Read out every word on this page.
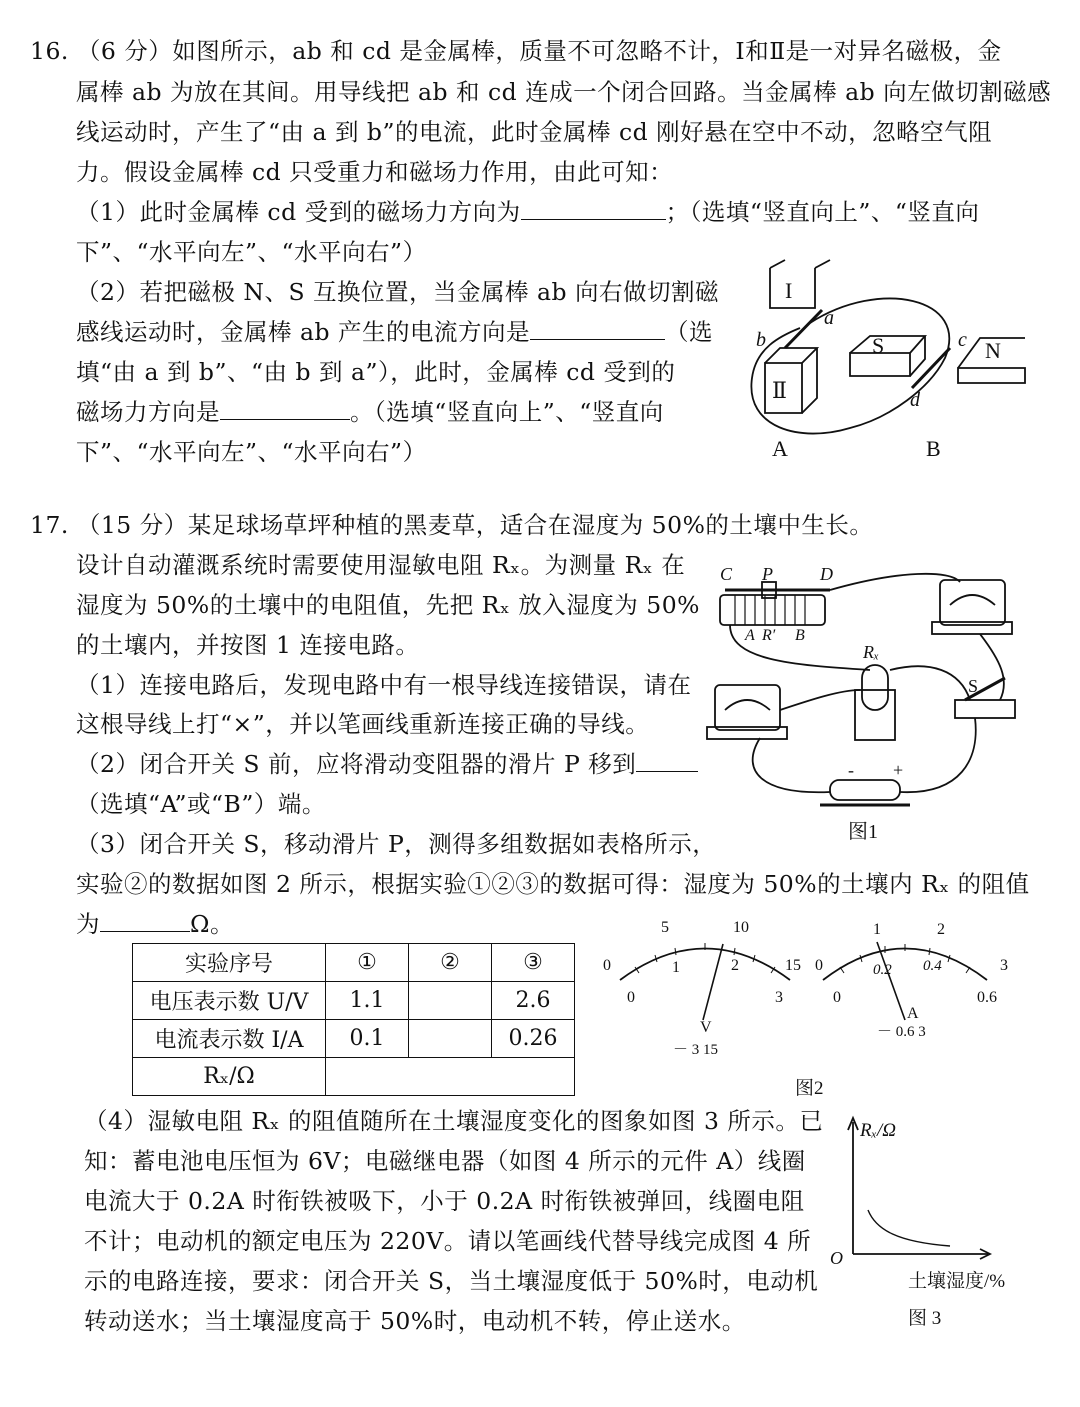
16. （6 分）如图所示，ab 和 cd 是金属棒，质量不可忽略不计，Ⅰ和Ⅱ是一对异名磁极，金
属棒 ab 为放在其间。用导线把 ab 和 cd 连成一个闭合回路。当金属棒 ab 向左做切割磁感
线运动时，产生了“由 a 到 b”的电流，此时金属棒 cd 刚好悬在空中不动，忽略空气阻
力。假设金属棒 cd 只受重力和磁场力作用，由此可知：
（1）此时金属棒 cd 受到的磁场力方向为	；（选填“竖直向上”、“竖直向
下”、“水平向左”、“水平向右”）
（2）若把磁极 N、S 互换位置，当金属棒 ab 向右做切割磁
感线运动时，金属棒 ab 产生的电流方向是	（选
填“由 a 到 b”、“由 b 到 a”），此时，金属棒 cd 受到的
磁场力方向是	。（选填“竖直向上”、“竖直向
下”、“水平向左”、“水平向右”）
I
a
b
Ⅱ
S	c N
d
A	B
17. （15 分）某足球场草坪种植的黑麦草，适合在湿度为 50%的土壤中生长。
设计自动灌溉系统时需要使用湿敏电阻 Rₓ。为测量 Rₓ 在
湿度为 50%的土壤中的电阻值，先把 Rₓ 放入湿度为 50%
的土壤内，并按图 1 连接电路。
（1）连接电路后，发现电路中有一根导线连接错误，请在
这根导线上打“×”，并以笔画线重新连接正确的导线。
（2）闭合开关 S 前，应将滑动变阻器的滑片 P 移到
（选填“A”或“B”）端。
（3）闭合开关 S，移动滑片 P，测得多组数据如表格所示，
实验②的数据如图 2 所示，根据实验①②③的数据可得：湿度为 50%的土壤内 Rₓ 的阻值
为	Ω。
实验序号	①	②	③
电压表示数 U/V	1.1		2.6
电流表示数 I/A	0.1		0.26
Rₓ/Ω			
（4）湿敏电阻 Rₓ 的阻值随所在土壤湿度变化的图象如图 3 所示。已
知：蓄电池电压恒为 6V；电磁继电器（如图 4 所示的元件 A）线圈
电流大于 0.2A 时衔铁被吸下，小于 0.2A 时衔铁被弹回，线圈电阻
不计；电动机的额定电压为 220V。请以笔画线代替导线完成图 4 所
示的电路连接，要求：闭合开关 S，当土壤湿度低于 50%时，电动机
转动送水；当土壤湿度高于 50%时，电动机不转，停止送水。
C P	D
A R′ B
Rₓ
S
- +
图1
0
5	10
15
1	2
0	3
V
－ 3 15
0
1	2
3
0.2 0.4
0	0.6
A
－ 0.6 3
图2
Rₓ/Ω
O
土壤湿度/%
图 3
